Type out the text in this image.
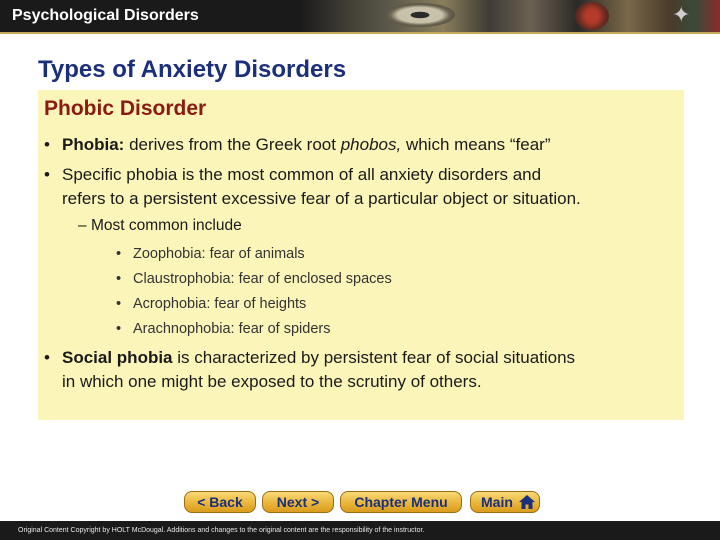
Psychological Disorders	✦
Types of Anxiety Disorders
Phobic Disorder
• Phobia: derives from the Greek root phobos, which means “fear”
• Specific phobia is the most common of all anxiety disorders and
refers to a persistent excessive fear of a particular object or situation.
– Most common include
• Zoophobia: fear of animals
• Claustrophobia: fear of enclosed spaces
• Acrophobia: fear of heights
• Arachnophobia: fear of spiders
• Social phobia is characterized by persistent fear of social situations
in which one might be exposed to the scrutiny of others.
< Back	Next >	Chapter Menu	Main
Original Content Copyright by HOLT McDougal. Additions and changes to the original content are the responsibility of the instructor.
